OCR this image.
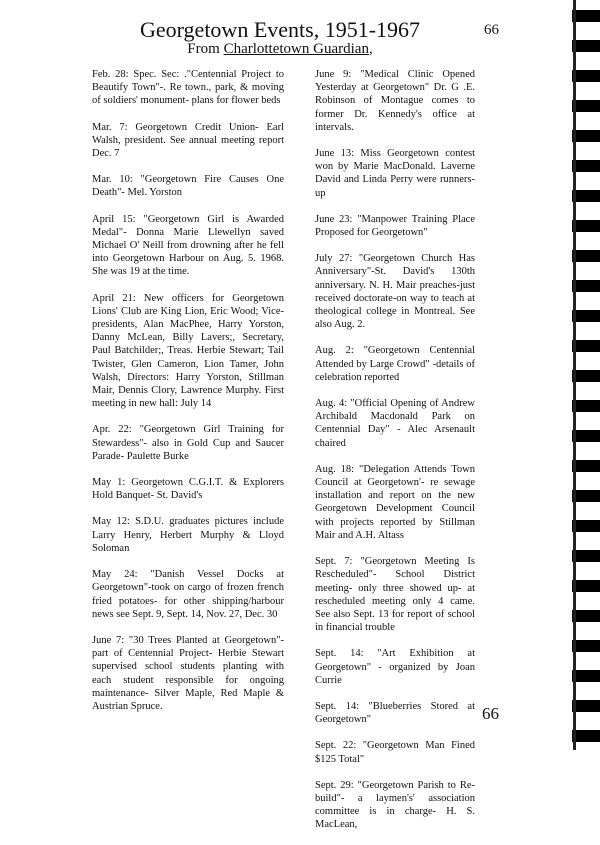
Georgetown Events, 1951-1967
From Charlottetown Guardian,
66

Feb. 28: Spec. Sec: ."Centennial Project to Beautify Town"-. Re town., park, & moving of soldiers' monument- plans for flower beds

Mar. 7: Georgetown Credit Union- Earl Walsh, president. See annual meeting report Dec. 7

Mar. 10: "Georgetown Fire Causes One Death"- Mel. Yorston

April 15: "Georgetown Girl is Awarded Medal"- Donna Marie Llewellyn saved Michael O' Neill from drowning after he fell into Georgetown Harbour on Aug. 5. 1968. She was 19 at the time.

April 21: New officers for Georgetown Lions' Club are King Lion, Eric Wood; Vice-presidents, Alan MacPhee, Harry Yorston, Danny McLean, Billy Lavers;, Secretary, Paul Batchilder;, Treas. Herbie Stewart; Tail Twister, Glen Cameron, Lion Tamer, John Walsh, Directors: Harry Yorston, Stillman Mair, Dennis Clory, Lawrence Murphy. First meeting in new hall: July 14

Apr. 22: "Georgetown Girl Training for Stewardess"- also in Gold Cup and Saucer Parade- Paulette Burke

May 1: Georgetown C.G.I.T. & Explorers Hold Banquet- St. David's

May 12: S.D.U. graduates pictures include Larry Henry, Herbert Murphy & Lloyd Soloman

May 24: "Danish Vessel Docks at Georgetown"-took on cargo of frozen french fried potatoes- for other shipping/harbour news see Sept. 9, Sept. 14, Nov. 27, Dec. 30

June 7: "30 Trees Planted at Georgetown"- part of Centennial Project- Herbie Stewart supervised school students planting with each student responsible for ongoing maintenance- Silver Maple, Red Maple & Austrian Spruce.

June 9: "Medical Clinic Opened Yesterday at Georgetown" Dr. G .E. Robinson of Montague comes to former Dr. Kennedy's office at intervals.

June 13: Miss Georgetown contest won by Marie MacDonald. Laverne David and Linda Perry were runners-up

June 23: "Manpower Training Place Proposed for Georgetown"

July 27: "Georgetown Church Has Anniversary"-St. David's 130th anniversary. N. H. Mair preaches-just received doctorate-on way to teach at theological college in Montreal. See also Aug. 2.

Aug. 2: "Georgetown Centennial Attended by Large Crowd" -details of celebration reported

Aug. 4: "Official Opening of Andrew Archibald Macdonald Park on Centennial Day" - Alec Arsenault chaired

Aug. 18: "Delegation Attends Town Council at Georgetown'- re sewage installation and report on the new Georgetown Development Council with projects reported by Stillman Mair and A.H. Altass

Sept. 7: "Georgetown Meeting Is Rescheduled"- School District meeting- only three showed up- at rescheduled meeting only 4 came. See also Sept. 13 for report of school in financial trouble

Sept. 14: "Art Exhibition at Georgetown" - organized by Joan Currie

Sept. 14: "Blueberries Stored at Georgetown"

Sept. 22: "Georgetown Man Fined $125 Total"

Sept. 29: "Georgetown Parish to Re-build"- a laymen's' association committee is in charge- H. S. MacLean,

66
